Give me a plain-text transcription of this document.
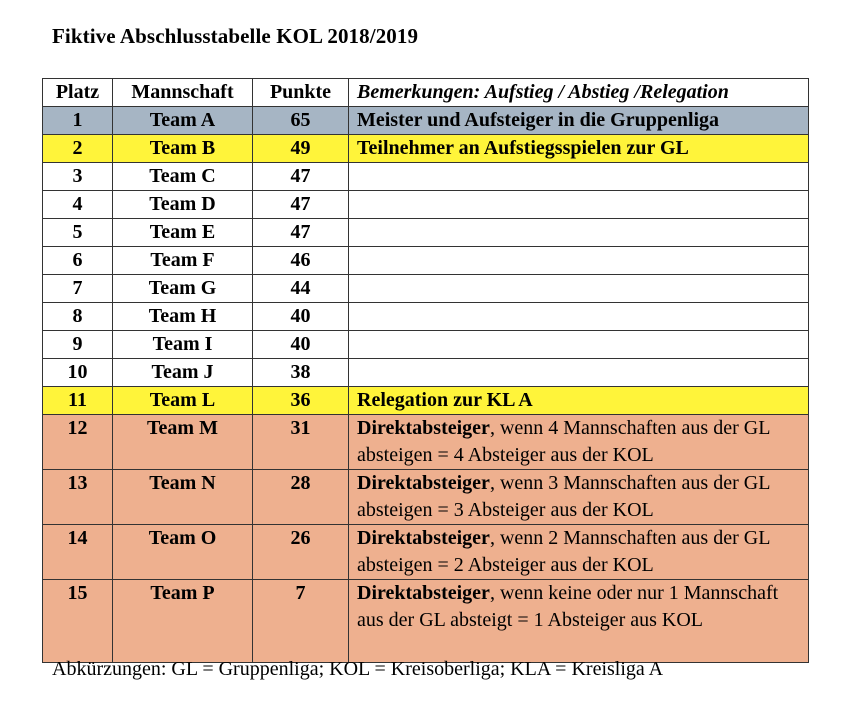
Fiktive Abschlusstabelle KOL 2018/2019
Platz	Mannschaft	Punkte	Bemerkungen: Aufstieg / Abstieg /Relegation
1	Team A	65	Meister und Aufsteiger in die Gruppenliga
2	Team B	49	Teilnehmer an Aufstiegsspielen zur GL
3	Team C	47	
4	Team D	47	
5	Team E	47	
6	Team F	46	
7	Team G	44	
8	Team H	40	
9	Team I	40	
10	Team J	38	
11	Team L	36	Relegation zur KL A
12	Team M	31	Direktabsteiger, wenn 4 Mannschaften aus der GL absteigen = 4 Absteiger aus der KOL
13	Team N	28	Direktabsteiger, wenn 3 Mannschaften aus der GL absteigen = 3 Absteiger aus der KOL
14	Team O	26	Direktabsteiger, wenn 2 Mannschaften aus der GL absteigen = 2 Absteiger aus der KOL
15	Team P	7	Direktabsteiger, wenn keine oder nur 1 Mannschaft aus der GL absteigt = 1 Absteiger aus KOL
Abkürzungen: GL = Gruppenliga; KOL = Kreisoberliga; KLA = Kreisliga A
